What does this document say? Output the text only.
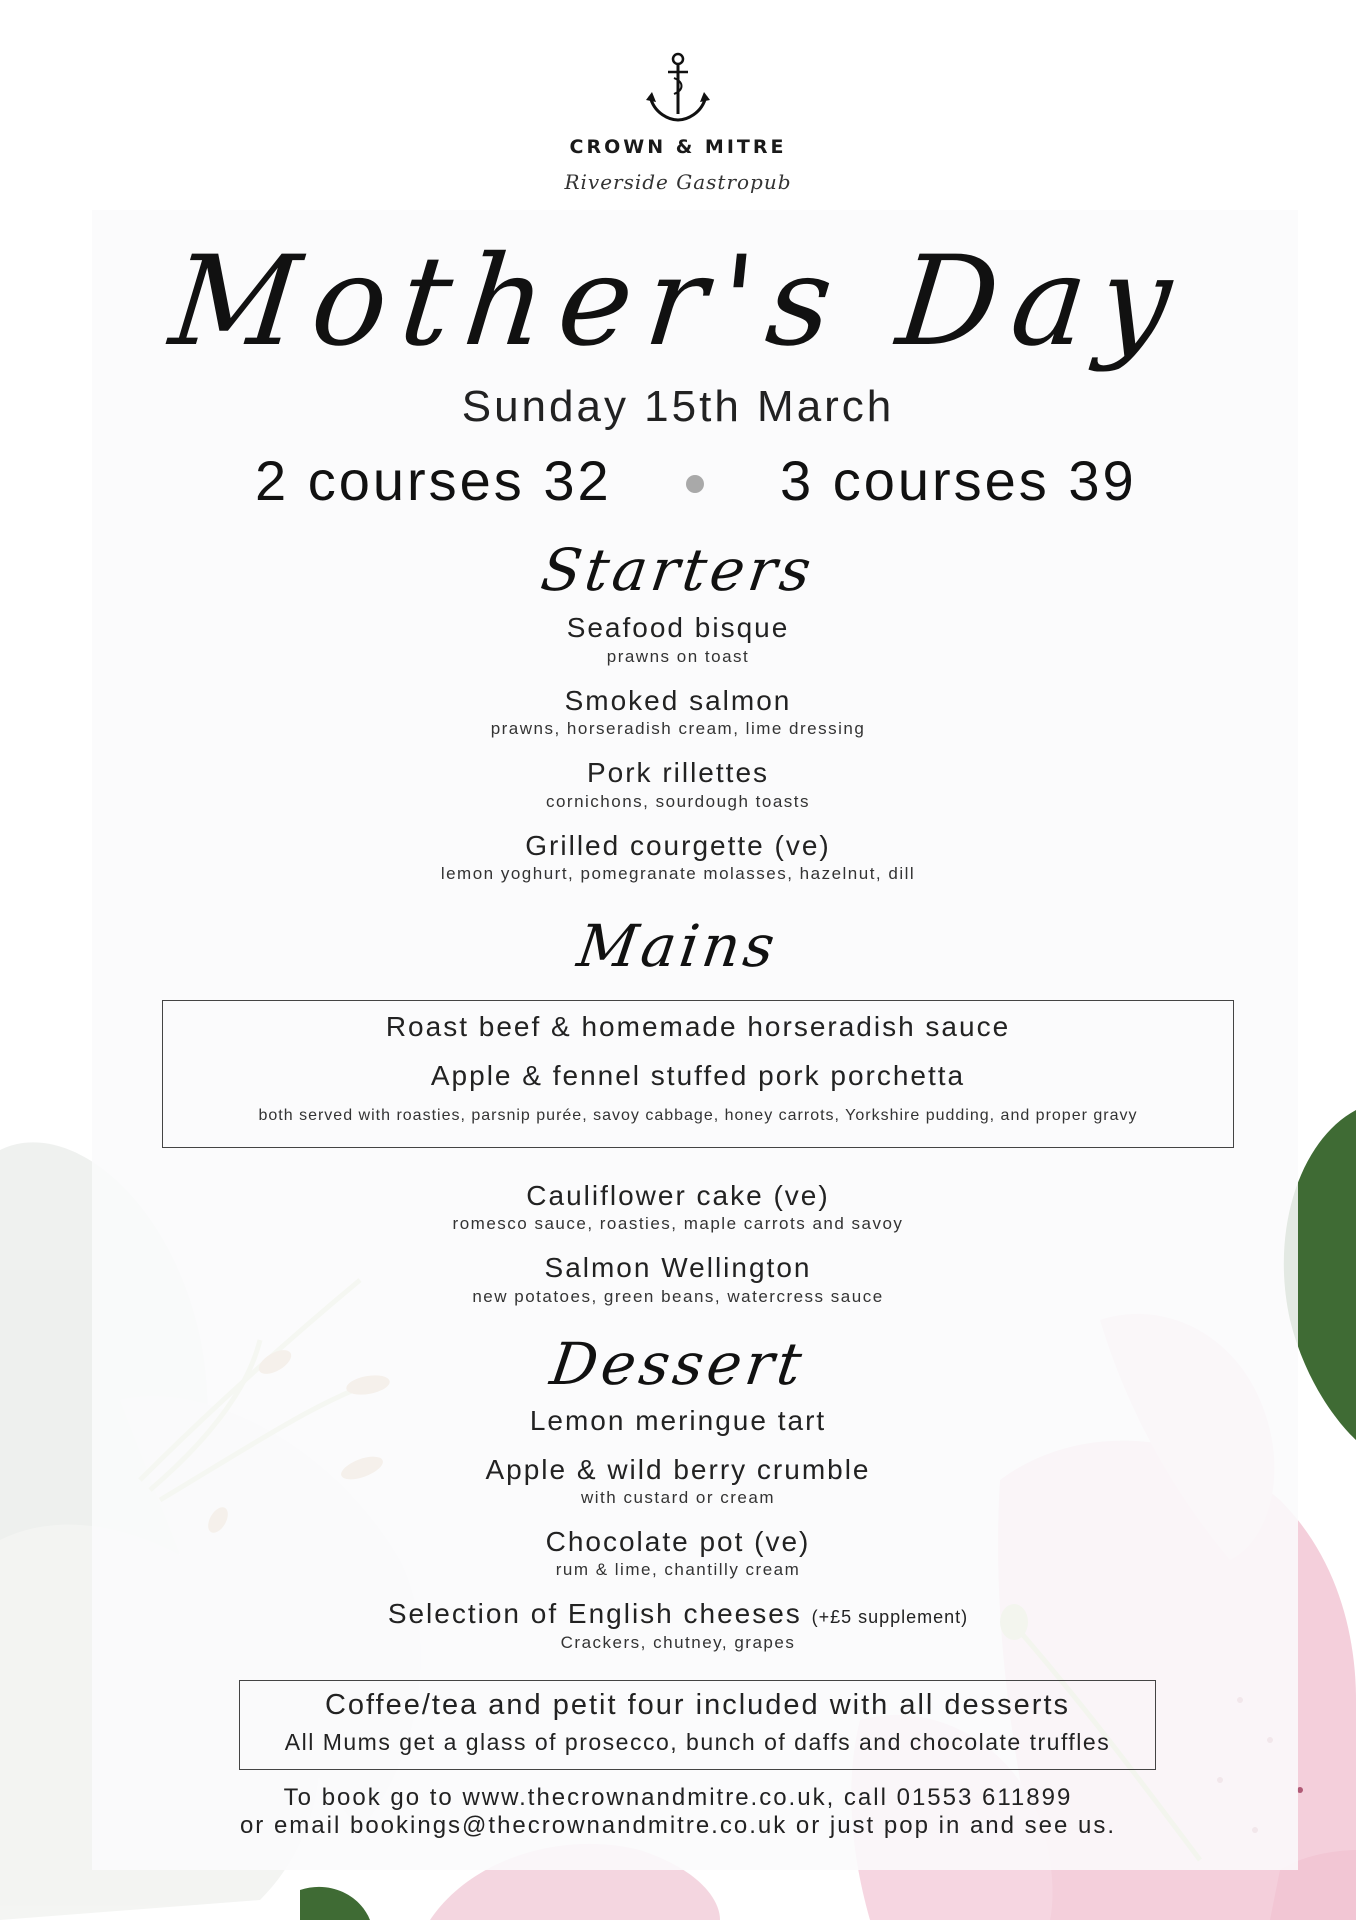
CROWN & MITRE
Riverside Gastropub
Mother's Day
Sunday 15th March
2 courses 32	3 courses 39
Starters
Seafood bisque
prawns on toast
Smoked salmon
prawns, horseradish cream, lime dressing
Pork rillettes
cornichons, sourdough toasts
Grilled courgette (ve)
lemon yoghurt, pomegranate molasses, hazelnut, dill
Mains
Roast beef & homemade horseradish sauce
Apple & fennel stuffed pork porchetta
both served with roasties, parsnip purée, savoy cabbage, honey carrots, Yorkshire pudding, and proper gravy
Cauliflower cake (ve)
romesco sauce, roasties, maple carrots and savoy
Salmon Wellington
new potatoes, green beans, watercress sauce
Dessert
Lemon meringue tart
Apple & wild berry crumble
with custard or cream
Chocolate pot (ve)
rum & lime, chantilly cream
Selection of English cheeses (+£5 supplement)
Crackers, chutney, grapes
Coffee/tea and petit four included with all desserts
All Mums get a glass of prosecco, bunch of daffs and chocolate truffles
To book go to www.thecrownandmitre.co.uk, call 01553 611899
or email bookings@thecrownandmitre.co.uk or just pop in and see us.
